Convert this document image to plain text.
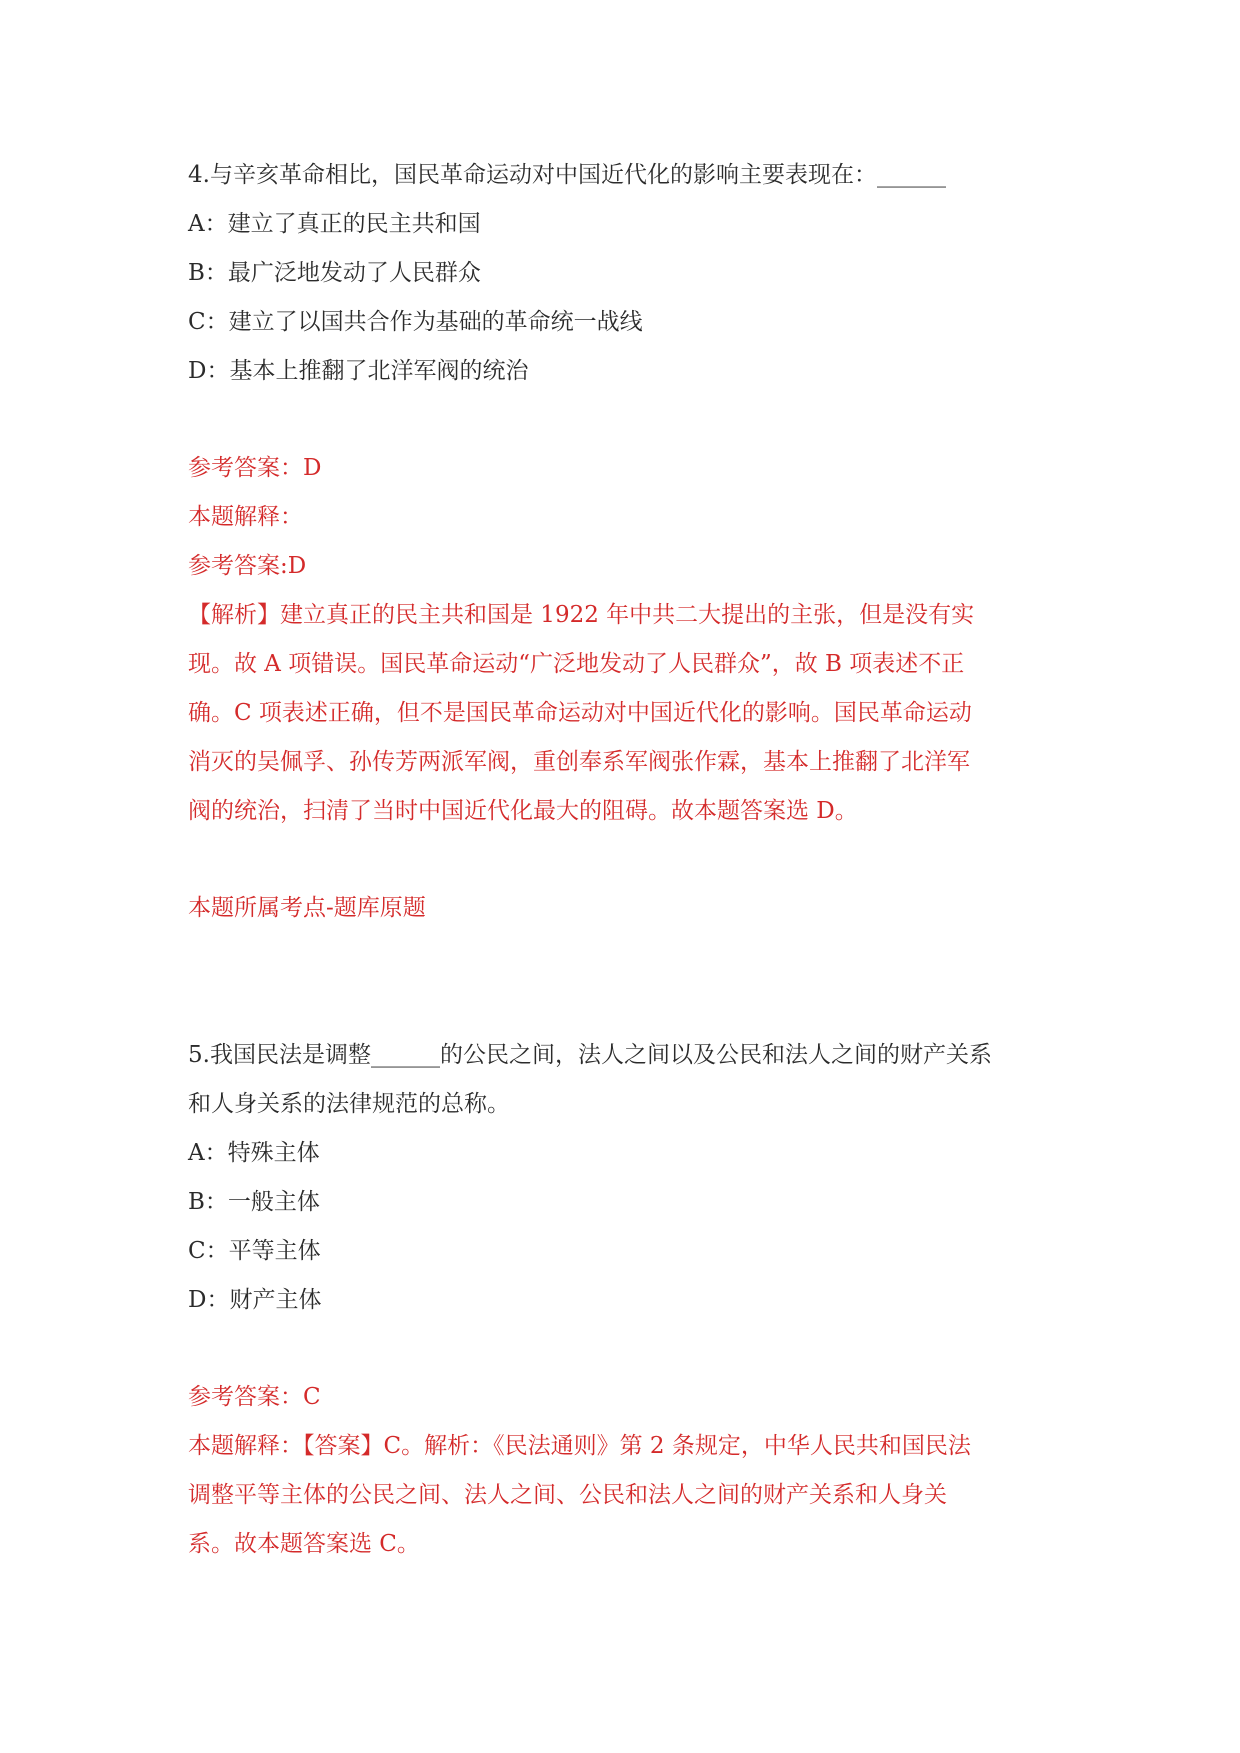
4.与辛亥革命相比，国民革命运动对中国近代化的影响主要表现在：______
A：建立了真正的民主共和国
B：最广泛地发动了人民群众
C：建立了以国共合作为基础的革命统一战线
D：基本上推翻了北洋军阀的统治
参考答案：D
本题解释：
参考答案:D
【解析】建立真正的民主共和国是 1922 年中共二大提出的主张，但是没有实
现。故 A 项错误。国民革命运动“广泛地发动了人民群众”，故 B 项表述不正
确。C 项表述正确，但不是国民革命运动对中国近代化的影响。国民革命运动
消灭的吴佩孚、孙传芳两派军阀，重创奉系军阀张作霖，基本上推翻了北洋军
阀的统治，扫清了当时中国近代化最大的阻碍。故本题答案选 D。
本题所属考点-题库原题
5.我国民法是调整______的公民之间，法人之间以及公民和法人之间的财产关系
和人身关系的法律规范的总称。
A：特殊主体
B：一般主体
C：平等主体
D：财产主体
参考答案：C
本题解释：【答案】C。解析：《民法通则》第 2 条规定，中华人民共和国民法
调整平等主体的公民之间、法人之间、公民和法人之间的财产关系和人身关
系。故本题答案选 C。
